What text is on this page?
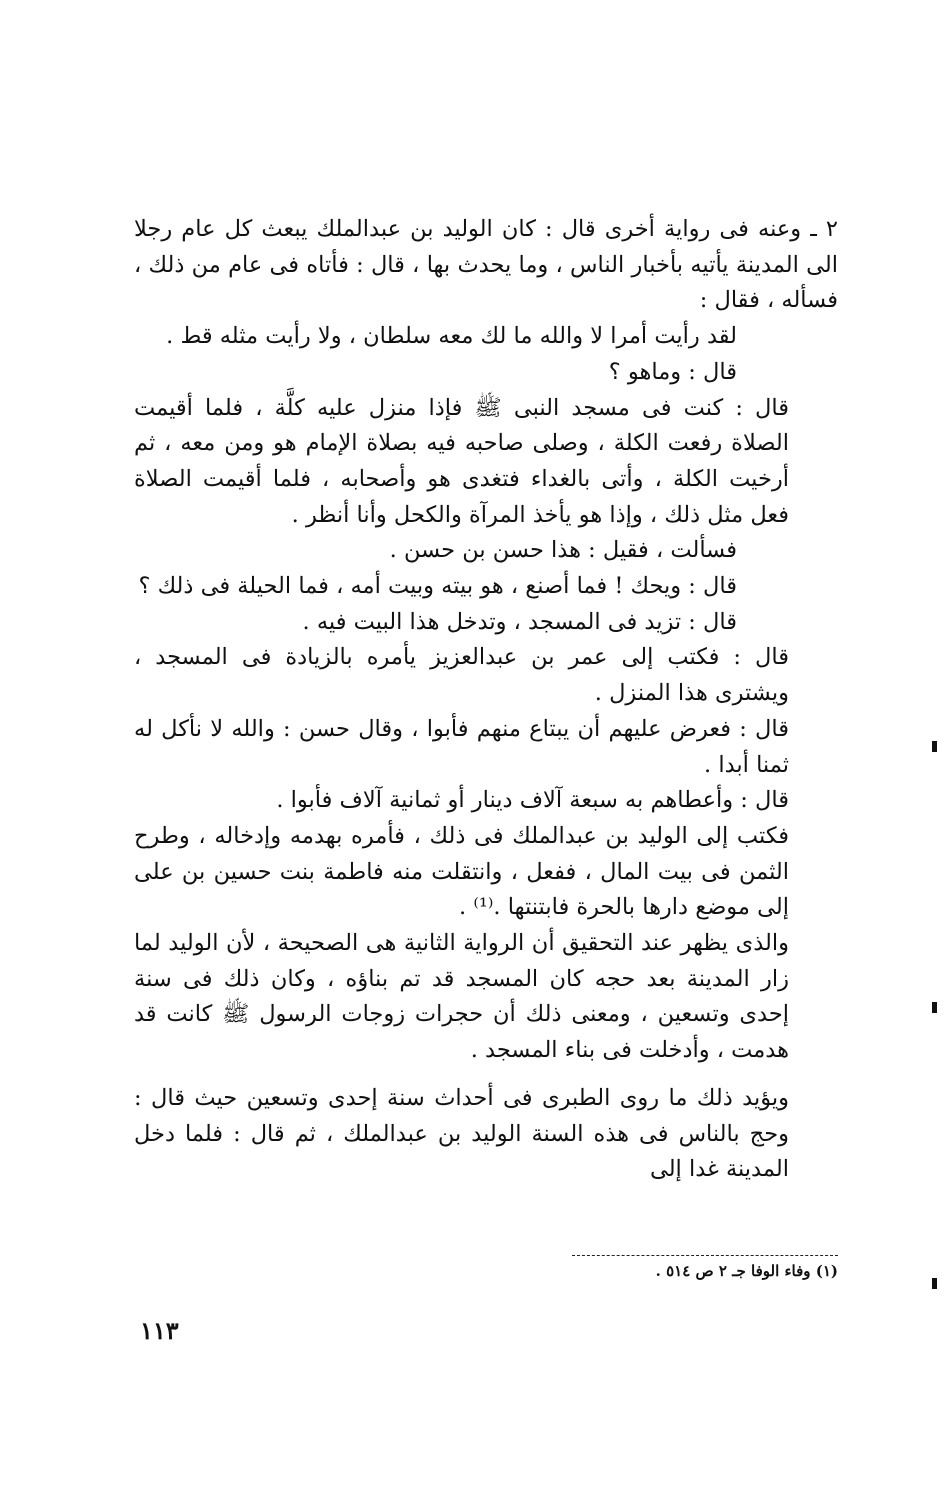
٢ ـ وعنه فى رواية أخرى قال : كان الوليد بن عبدالملك يبعث كل عام رجلا الى المدينة يأتيه بأخبار الناس ، وما يحدث بها ، قال : فأتاه فى عام من ذلك ، فسأله ، فقال :

لقد رأيت أمرا لا والله ما لك معه سلطان ، ولا رأيت مثله قط .

قال : وماهو ؟

قال : كنت فى مسجد النبى ﷺ فإذا منزل عليه كلَّة ، فلما أقيمت الصلاة رفعت الكلة ، وصلى صاحبه فيه بصلاة الإمام هو ومن معه ، ثم أرخيت الكلة ، وأتى بالغداء فتغدى هو وأصحابه ، فلما أقيمت الصلاة فعل مثل ذلك ، وإذا هو يأخذ المرآة والكحل وأنا أنظر .

فسألت ، فقيل : هذا حسن بن حسن .

قال : ويحك ! فما أصنع ، هو بيته وبيت أمه ، فما الحيلة فى ذلك ؟

قال : تزيد فى المسجد ، وتدخل هذا البيت فيه .

قال : فكتب إلى عمر بن عبدالعزيز يأمره بالزيادة فى المسجد ، ويشترى هذا المنزل .

قال : فعرض عليهم أن يبتاع منهم فأبوا ، وقال حسن : والله لا نأكل له ثمنا أبدا .

قال : وأعطاهم به سبعة آلاف دينار أو ثمانية آلاف فأبوا .

فكتب إلى الوليد بن عبدالملك فى ذلك ، فأمره بهدمه وإدخاله ، وطرح الثمن فى بيت المال ، ففعل ، وانتقلت منه فاطمة بنت حسين بن على إلى موضع دارها بالحرة فابتنتها .⁽¹⁾ .

والذى يظهر عند التحقيق أن الرواية الثانية هى الصحيحة ، لأن الوليد لما زار المدينة بعد حجه كان المسجد قد تم بناؤه ، وكان ذلك فى سنة إحدى وتسعين ، ومعنى ذلك أن حجرات زوجات الرسول ﷺ كانت قد هدمت ، وأدخلت فى بناء المسجد .

ويؤيد ذلك ما روى الطبرى فى أحداث سنة إحدى وتسعين حيث قال : وحج بالناس فى هذه السنة الوليد بن عبدالملك ، ثم قال : فلما دخل المدينة غدا إلى

(١) وفاء الوفا جـ ٢ ص ٥١٤ .
١١٣
